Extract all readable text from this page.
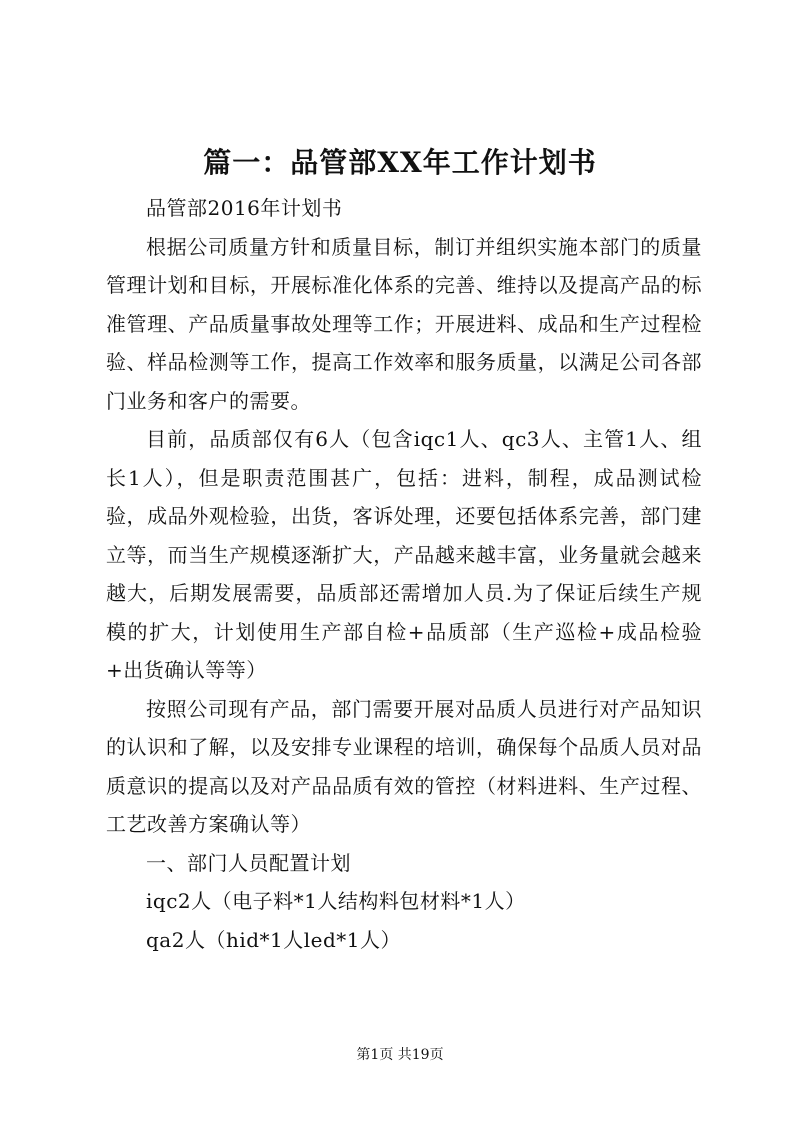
篇一：品管部XX年工作计划书

品管部2016年计划书

根据公司质量方针和质量目标，制订并组织实施本部门的质量管理计划和目标，开展标准化体系的完善、维持以及提高产品的标准管理、产品质量事故处理等工作；开展进料、成品和生产过程检验、样品检测等工作，提高工作效率和服务质量，以满足公司各部门业务和客户的需要。

目前，品质部仅有6人（包含iqc1人、qc3人、主管1人、组长1人），但是职责范围甚广，包括：进料，制程，成品测试检验，成品外观检验，出货，客诉处理，还要包括体系完善，部门建立等，而当生产规模逐渐扩大，产品越来越丰富，业务量就会越来越大，后期发展需要，品质部还需增加人员.为了保证后续生产规模的扩大，计划使用生产部自检+品质部（生产巡检+成品检验+出货确认等等）

按照公司现有产品，部门需要开展对品质人员进行对产品知识的认识和了解，以及安排专业课程的培训，确保每个品质人员对品质意识的提高以及对产品品质有效的管控（材料进料、生产过程、工艺改善方案确认等）

一、部门人员配置计划

iqc2人（电子料*1人结构料包材料*1人）

qa2人（hid*1人led*1人）

第1页 共19页
